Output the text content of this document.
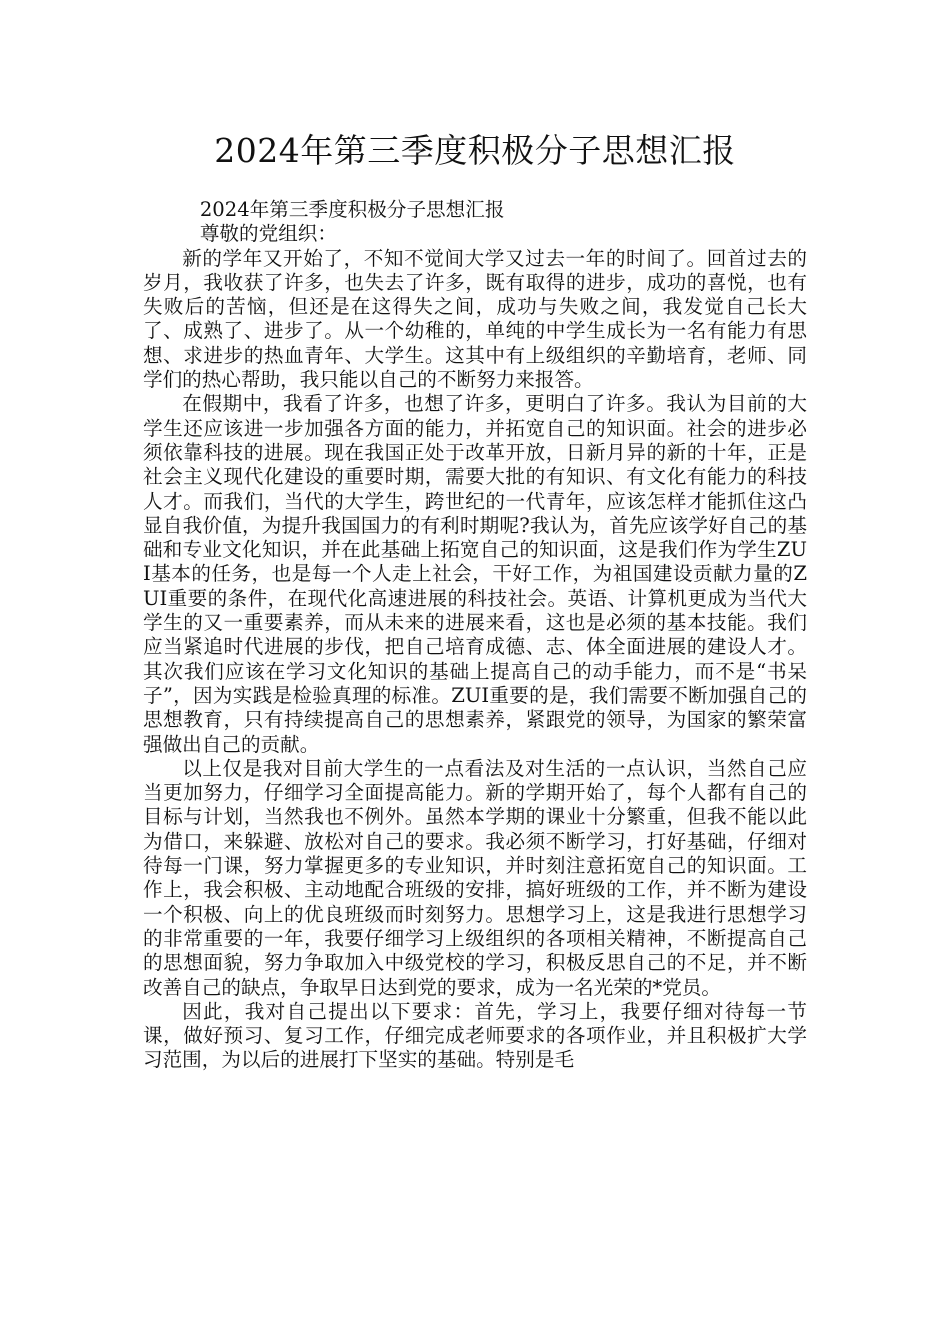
2024年第三季度积极分子思想汇报

2024年第三季度积极分子思想汇报

尊敬的党组织：

新的学年又开始了，不知不觉间大学又过去一年的时间了。回首过去的岁月，我收获了许多，也失去了许多，既有取得的进步，成功的喜悦，也有失败后的苦恼，但还是在这得失之间，成功与失败之间，我发觉自己长大了、成熟了、进步了。从一个幼稚的，单纯的中学生成长为一名有能力有思想、求进步的热血青年、大学生。这其中有上级组织的辛勤培育，老师、同学们的热心帮助，我只能以自己的不断努力来报答。

在假期中，我看了许多，也想了许多，更明白了许多。我认为目前的大学生还应该进一步加强各方面的能力，并拓宽自己的知识面。社会的进步必须依靠科技的进展。现在我国正处于改革开放，日新月异的新的十年，正是社会主义现代化建设的重要时期，需要大批的有知识、有文化有能力的科技人才。而我们，当代的大学生，跨世纪的一代青年，应该怎样才能抓住这凸显自我价值，为提升我国国力的有利时期呢?我认为，首先应该学好自己的基础和专业文化知识，并在此基础上拓宽自己的知识面，这是我们作为学生ZUI基本的任务，也是每一个人走上社会，干好工作，为祖国建设贡献力量的ZUI重要的条件，在现代化高速进展的科技社会。英语、计算机更成为当代大学生的又一重要素养，而从未来的进展来看，这也是必须的基本技能。我们应当紧追时代进展的步伐，把自己培育成德、志、体全面进展的建设人才。其次我们应该在学习文化知识的基础上提高自己的动手能力，而不是“书呆子”，因为实践是检验真理的标准。ZUI重要的是，我们需要不断加强自己的思想教育，只有持续提高自己的思想素养，紧跟党的领导，为国家的繁荣富强做出自己的贡献。

以上仅是我对目前大学生的一点看法及对生活的一点认识，当然自己应当更加努力，仔细学习全面提高能力。新的学期开始了，每个人都有自己的目标与计划，当然我也不例外。虽然本学期的课业十分繁重，但我不能以此为借口，来躲避、放松对自己的要求。我必须不断学习，打好基础，仔细对待每一门课，努力掌握更多的专业知识，并时刻注意拓宽自己的知识面。工作上，我会积极、主动地配合班级的安排，搞好班级的工作，并不断为建设一个积极、向上的优良班级而时刻努力。思想学习上，这是我进行思想学习的非常重要的一年，我要仔细学习上级组织的各项相关精神，不断提高自己的思想面貌，努力争取加入中级党校的学习，积极反思自己的不足，并不断改善自己的缺点，争取早日达到党的要求，成为一名光荣的*党员。

因此，我对自己提出以下要求：首先，学习上，我要仔细对待每一节课，做好预习、复习工作，仔细完成老师要求的各项作业，并且积极扩大学习范围，为以后的进展打下坚实的基础。特别是毛
